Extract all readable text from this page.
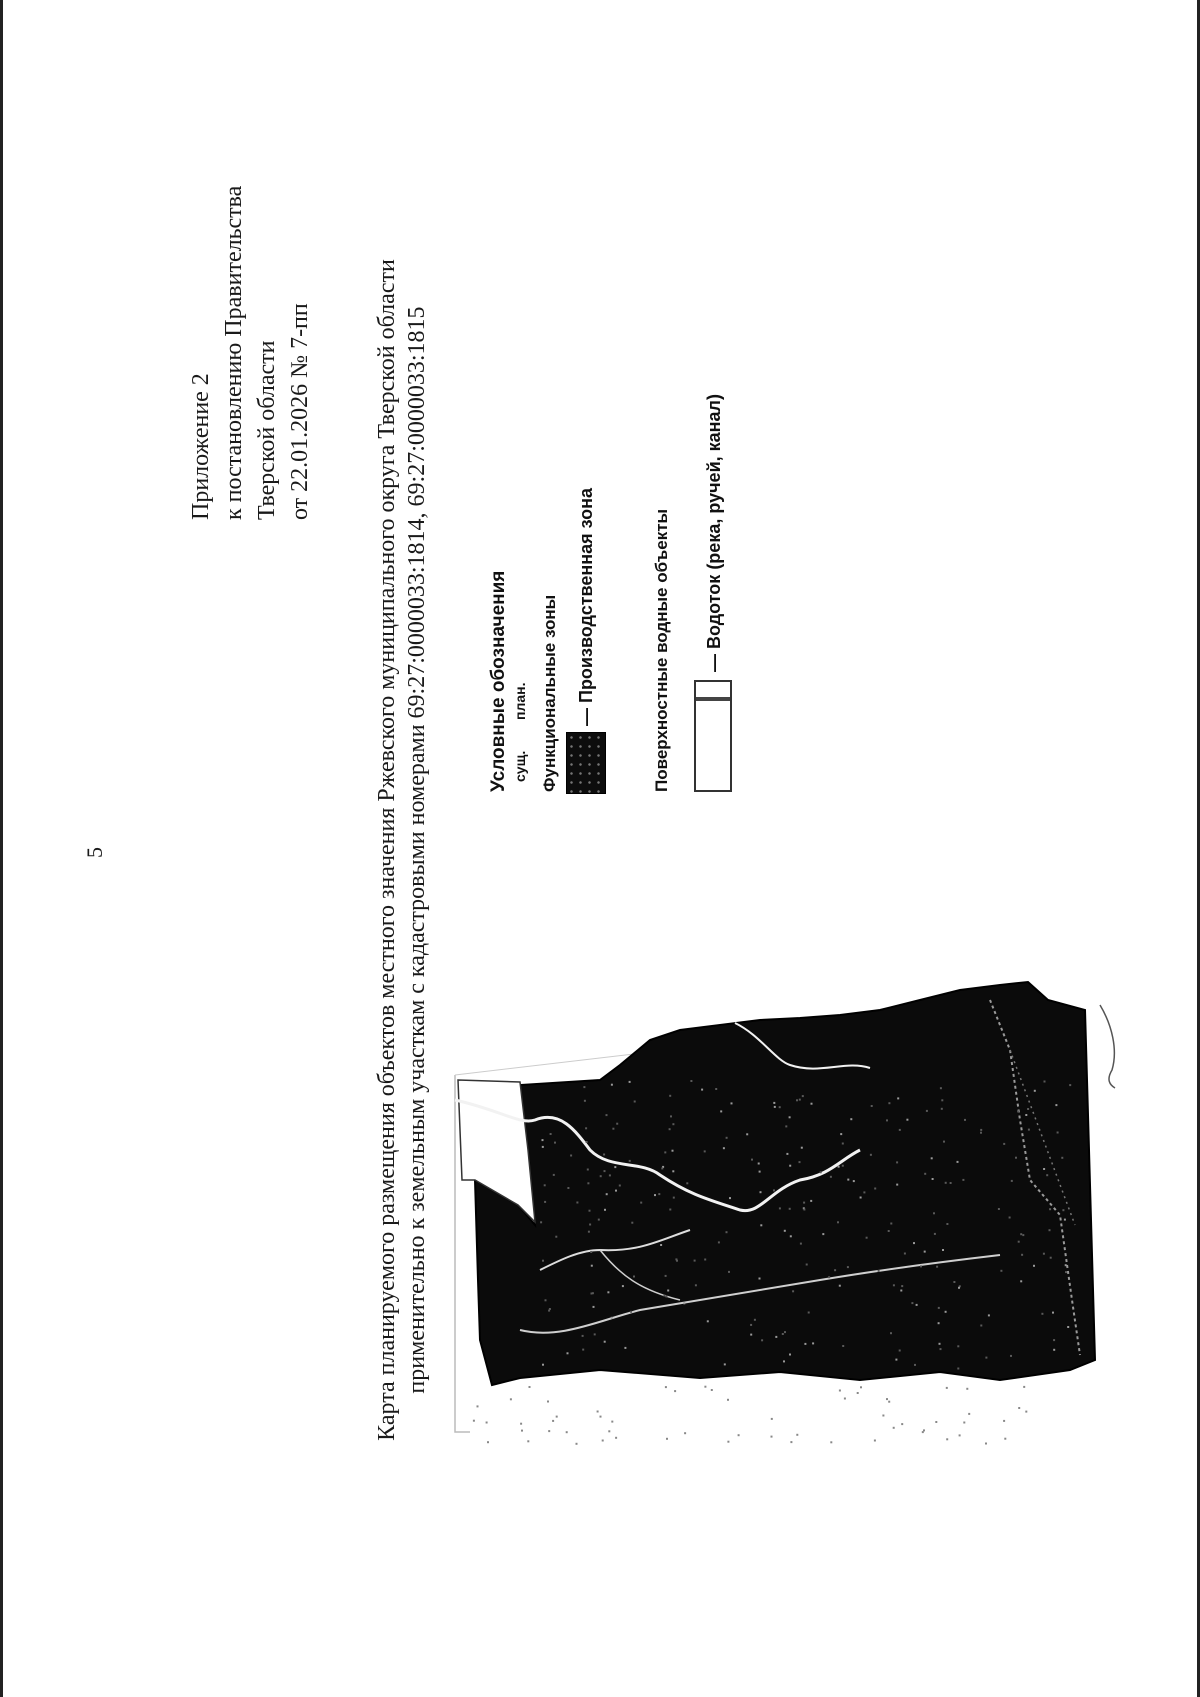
5
Приложение 2 к постановлению Правительства Тверской области от 22.01.2026 № 7-пп	Карта планируемого размещения объектов местного значения Ржевского муниципального округа Тверской области применительно к земельным участкам с кадастровыми номерами 69:27:0000033:1814, 69:27:0000033:1815	Условные обозначения сущ.
план. Функциональные зоны — Производственная зона	Поверхностные водные объекты — Водоток (река, ручей, канал)
